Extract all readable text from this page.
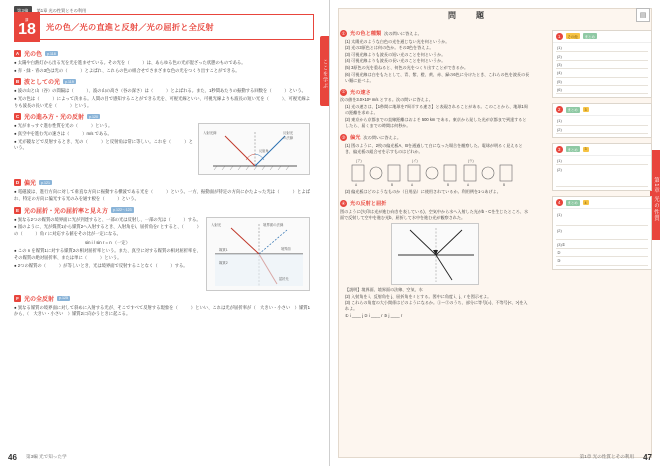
第3編	第1章 光の性質とその利用
ここを学ぶ
講
18 光の色／光の直進と反射／光の屈折と全反射
A 光の色	p.118

● 太陽や白熱灯から出る光を光を進ませている。その光を（　　　）は、あらゆる色の光が混ざった状態のものである。

● 赤・緑・青の3色は光の（　　　）とよばれ、これらの色の組合せでさまざまな色の光をつくり出すことができる。

B 波としての光	p.119

● 波の山と山（谷）の間隔は（　　　）、波の山の高さ（谷の深さ）は（　　　）とよばれる。また、1秒間あたりの振動する回数を（　　　）という。

● 光の色は（　　　）によって決まる。人間の目で感知することができる光を、可視光線といい、可視光線よりも波長の短い光を（　　　）、可視光線よりも波長の長い光を（　　　）という。

C 光の進み方・光の反射	p.120

● 光がまっすぐ進む性質を光の（　　　）という。

● 真空中を進む光の速さは（　　　）m/s である。

● 光が鏡などで反射するとき、光の（　　　）と反射角は常に等しい。これを（　　　）という。

入射光線	反射光
の法線
反射角
D 偏光	p.121

● 電磁波は、進行方向に対して垂直な方向に振動する横波である光を（　　　）という。一方、振動面が特定の方向にかたよった光は（　　　）とよばれ、特定の方向に偏光する光のみを通す板を（　　　）という。

E 光の屈折・光の屈折率と見え方	p.122～123

● 異なる2つの媒質の境界面に光が到達すると、一部の光は反射し、一部の光は（　　　）する。

● 図のように、光が媒質1から媒質2へ入射するとき、入射角をi、屈折角をr とすると、（　　　）の（　　　）角 r に対応する値をその比が一定になる。

sin i / sin r = n （一定）

● この n を媒質1に対する媒質2の相対屈折率という。また、真空に対する媒質の相対屈折率を、その媒質の絶対屈折率、または単に（　　　）という。

● 2つの媒質の（　　　）が等しいとき、光は境界面で反射することなく（　　　）する。

入射光	境界面の法線
媒質1
媒質2
境界面
屈折光
F 光の全反射	p.125

● 異なる媒質の境界面に対して斜めに入射する光が、そこですべて反射する現象を（　　　）といい、これは光が屈折率が（　大きい・小さい　）媒質1から、（　大きい・小さい　）媒質2に向かうときに起こる。

46 第3編 光で知った学
問　題	▤
第1章 光の性質
① 光の色と種類 次の問いに答えよ。

(1) 太陽光のような白色の光を通じない光を何というか。

(2) 光の3原色とは何の色か。その3色を答えよ。

(3) 可視光線よりも波長の短い光のことを何というか。

(4) 可視光線よりも波長の長い光のことを何というか。

(5) 3原色の光を重ねると、何色の光をつくり出すことができるか。

(6) 可視光線は白をもたとして、青、紫、橙、黄、赤、緑の6色に分けたとき、これらの色を波長の長い順に並べよ。

② 光の速さ

次の値を3.0×10⁸ m/s とする。次の問いに答えよ。

(1) 光の速さは、【1秒間に地球を7周半する速さ】と表現されることがある。このことから、地球1周の距離を求めよ。

(2) 東京から京都までの直線距離はおよそ 500 km である。東京から発した光が京都まで到達するとしたら、届くまでの時間は何秒か。

③ 偏光 次の問いに答えよ。

(1) 図のように、2枚の偏光板A、Bを通過して白になった場合を観察した。電球が明るく見えるとき、偏光板の組合せを示すものはどれか。

(ア)	(イ)	(ウ)
A	B	A	B	A	B

(2) 偏光板はどのようなものか（日用品）に使用されているか。利用例を1つあげよ。

④ 光の反射と屈折

図のように(矢印は光が進む向きを表している)、空気中から水へ入射した光がb・Cを生じたところ、水面で反射して空中を進む光b、屈折して水中を進む光が観察された。

【説明】境界面、境界面の法線、空気、水

(2) 入射角を i、反射角を j、屈折角を r とする。図中に角度 i、j、r を図示せよ。

(3) これらの角度の大小関係はどのようになるか。①～③のうち、部分に等号(=)、不等号(<、>)を入れよ。

① i ____ j ② i ____ r ③ j ____ r

1	その他	まとめ
(1)
(2)
(3)
(4)
(5)
(6)
2	まとめ	3
(1)
(2)
3	まとめ	3
(1)
(2)
4	まとめ	4
(1)
(2)
(3)①
②
③
第1章 光の性質とその利用 47
